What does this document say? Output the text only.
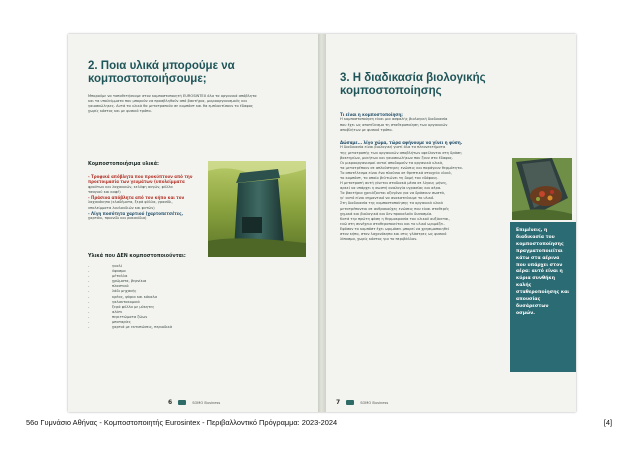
2. Ποια υλικά μπορούμε να

κομποστοποιήσουμε;

Μπορούμε να τοποθετήσουμε στον κομποστοποιητή EUROSINTEX όλα τα οργανικά απόβλητα

και τα υπολείμματα που μπορούν να προσβληθούν από βακτήρια, μικροοργανισμούς και

γαιοσκώληκες. Αυτά τα υλικά θα μετατραπούν σε κομπόστ και θα εμπλουτίσουν το έδαφος

χωρίς κόστος και με φυσικό τρόπο.

Κομποστοποιήσιμα υλικά:

- Τροφικά απόβλητα που προκύπτουν από την

προετοιμασία των γευμάτων (υπολείμματα

φρούτων και λαχανικών, κελύφη αυγών, φύλλα

τσαγιού και καφέ)

- Πράσινα απόβλητα από τον κήπο και τον

λαχανόκηπο (κλαδέματα, ξερά φύλλα, γρασίδι,

υπολείμματα λουλουδιών και φυτών)

- Λίγη ποσότητα χαρτιού (χαρτοπετσέτες,

χαρτόνι, πριονίδι και ροκανίδια)

Υλικά που ΔΕΝ κομποστοποιούνται:

-	γυαλί
-	ύφασμα
-	μέταλλα
-	χρώματα, βερνίκια
-	πλαστικό
-	λάδι μηχανής
-	κρέας, ψάρια και κόκαλα
-	γαλακτοκομικά
-	ξερά φύλλα με μύκητες
-	αλάτι
-	περιττώματα ζώων
-	μπαταρίες
-	χαρτιά με εκτυπώσεις, περιοδικά
6	SOMO Business

3. Η διαδικασία βιολογικής

κομποστοποίησης

Τι είναι η κομποστοποίηση;

Η κομποστοποίηση είναι μια ασφαλής βιολογική διαδικασία

που έχει ως αποτέλεσμα τη σταθεροποίηση των οργανικών

αποβλήτων με φυσικό τρόπο.

Δώσαμε... λίγο χώμα, τώρα αφήνουμε να γίνει η φύση.

Η διαδικασία είναι βιολογική γιατί όλα τα πλεονεκτήματα

της μετατροπής των οργανικών αποβλήτων οφείλονται στη δράση

βακτηρίων, μυκήτων και γαιοσκωλήκων που ζουν στο έδαφος.

Οι μικροοργανισμοί αυτοί αποδομούν τα οργανικά υλικά,

τα μετατρέπουν σε απλούστερες ενώσεις και παράγουν θερμότητα.

Το αποτέλεσμα είναι ένα πλούσιο σε θρεπτικά στοιχεία υλικό,

το κομπόστ, το οποίο βελτιώνει τη δομή του εδάφους.

Η μετατροπή αυτή γίνεται σταδιακά μέσα σε λίγους μήνες,

αρκεί να υπάρχει η σωστή αναλογία υγρασίας και αέρα.

Τα βακτήρια χρειάζονται οξυγόνο για να δράσουν σωστά,

γι' αυτό είναι σημαντικό να ανακατεύουμε το υλικό.

Στη διαδικασία της κομποστοποίησης τα οργανικά υλικά

μετατρέπονται σε ανθρακούχες ενώσεις που είναι σταθερές

χημικά και βιολογικά και δεν προκαλούν δυσοσμία.

Κατά την πρώτη φάση η θερμοκρασία του υλικού αυξάνεται,

ενώ στη συνέχεια σταθεροποιείται και το υλικό ωριμάζει.

Εφόσον το κομπόστ έχει ωριμάσει μπορεί να χρησιμοποιηθεί

στον κήπο, στον λαχανόκηπο και στις γλάστρες ως φυσικό

λίπασμα, χωρίς κόστος για το περιβάλλον.

Επιμένεις, η
διαδικασία του
κομποστοποίησης
πραγματοποιείται
κάτω στα αέρινα
που υπάρχει στον
αέρα: αυτό είναι η
κύρια συνθήκη καλής
σταθεροποίησης και
απουσίας δυσάρεστων
οσμών.

7	SOMO Business
56ο Γυμνάσιο Αθήνας - Κομποστοποιητής Eurosintex - Περιβαλλοντικό Πρόγραμμα: 2023-2024	[4]
